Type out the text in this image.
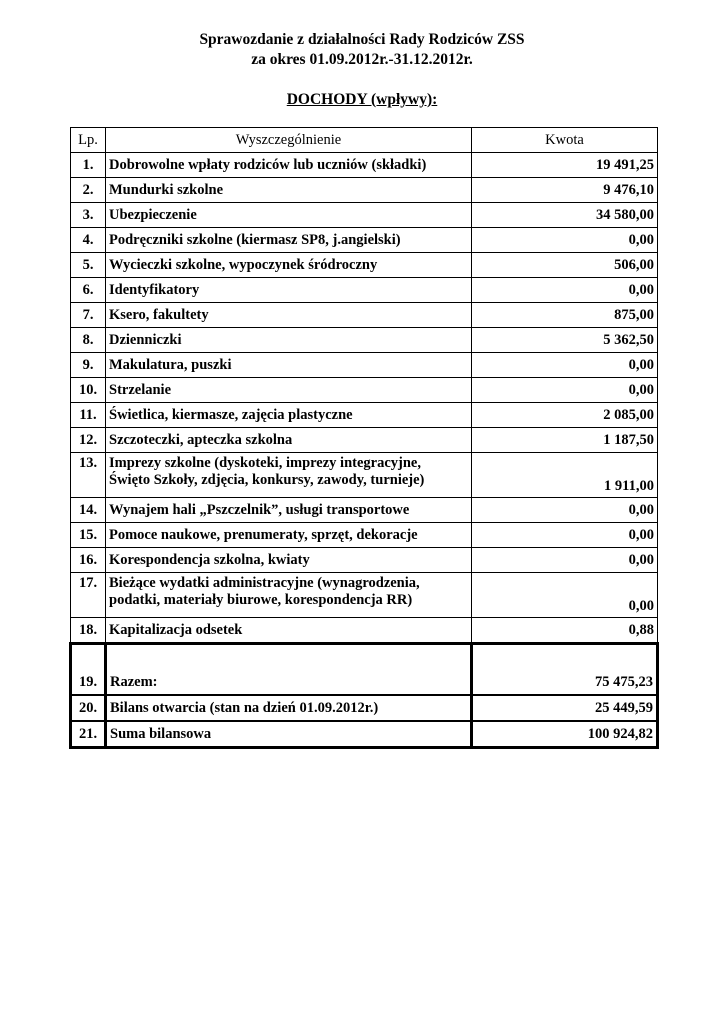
Sprawozdanie z działalności Rady Rodziców ZSS
za okres 01.09.2012r.-31.12.2012r.
DOCHODY (wpływy):
Lp.	Wyszczególnienie	Kwota
1.	Dobrowolne wpłaty rodziców lub uczniów (składki)	19 491,25
2.	Mundurki szkolne	9 476,10
3.	Ubezpieczenie	34 580,00
4.	Podręczniki szkolne (kiermasz SP8, j.angielski)	0,00
5.	Wycieczki szkolne, wypoczynek śródroczny	506,00
6.	Identyfikatory	0,00
7.	Ksero, fakultety	875,00
8.	Dzienniczki	5 362,50
9.	Makulatura, puszki	0,00
10.	Strzelanie	0,00
11.	Świetlica, kiermasze, zajęcia plastyczne	2 085,00
12.	Szczoteczki, apteczka szkolna	1 187,50
13.	Imprezy szkolne (dyskoteki, imprezy integracyjne,
Święto Szkoły, zdjęcia, konkursy, zawody, turnieje)	1 911,00
14.	Wynajem hali „Pszczelnik”, usługi transportowe	0,00
15.	Pomoce naukowe, prenumeraty, sprzęt, dekoracje	0,00
16.	Korespondencja szkolna, kwiaty	0,00
17.	Bieżące wydatki administracyjne (wynagrodzenia,
podatki, materiały biurowe, korespondencja RR)	0,00
18.	Kapitalizacja odsetek	0,88
19.	Razem:	75 475,23
20.	Bilans otwarcia (stan na dzień 01.09.2012r.)	25 449,59
21.	Suma bilansowa	100 924,82
